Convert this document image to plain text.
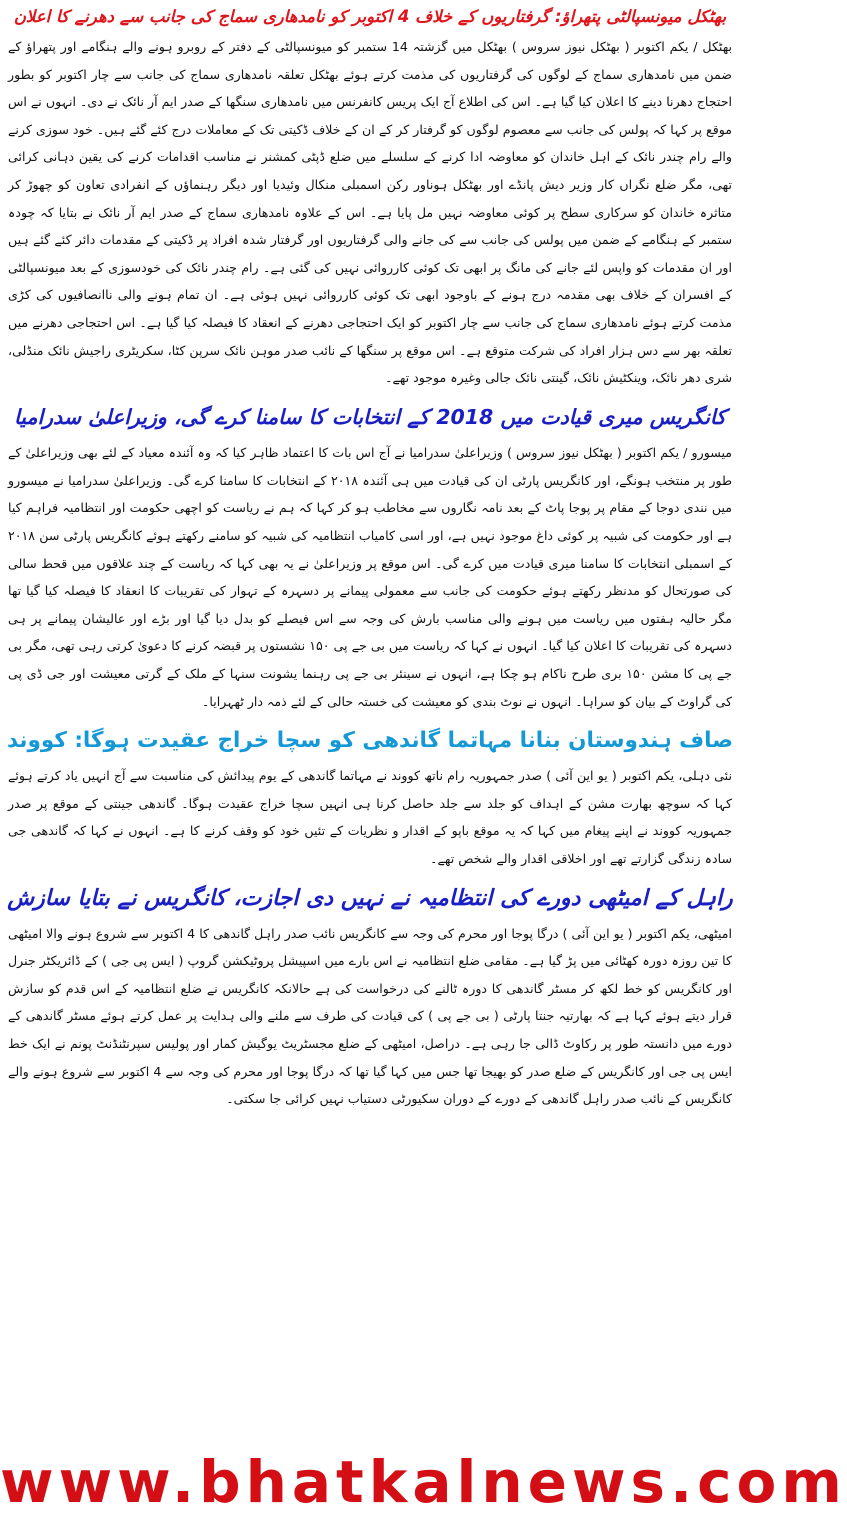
بھٹکل میونسپالٹی پتھراؤ: گرفتاریوں کے خلاف 4 اکتوبر کو نامدھاری سماج کی جانب سے دھرنے کا اعلان

بھٹکل / یکم اکتوبر ( بھٹکل نیوز سروس ) بھٹکل میں گزشتہ 14 ستمبر کو میونسپالٹی کے دفتر کے روبرو ہونے والے ہنگامے اور پتھراؤ کے ضمن میں نامدھاری سماج کے لوگوں کی گرفتاریوں کی مذمت کرتے ہوئے بھٹکل تعلقہ نامدھاری سماج کی جانب سے چار اکتوبر کو بطور احتجاج دھرنا دینے کا اعلان کیا گیا ہے۔ اس کی اطلاع آج ایک پریس کانفرنس میں نامدھاری سنگھا کے صدر ایم آر نائک نے دی۔ انہوں نے اس موقع پر کہا کہ پولس کی جانب سے معصوم لوگوں کو گرفتار کر کے ان کے خلاف ڈکیتی تک کے معاملات درج کئے گئے ہیں۔ خود سوزی کرنے والے رام چندر نائک کے اہل خاندان کو معاوضہ ادا کرنے کے سلسلے میں ضلع ڈپٹی کمشنر نے مناسب اقدامات کرنے کی یقین دہانی کرائی تھی، مگر ضلع نگراں کار وزیر دیش پانڈے اور بھٹکل ہوناور رکن اسمبلی منکال وئیدیا اور دیگر رہنماؤں کے انفرادی تعاون کو چھوڑ کر متاثرہ خاندان کو سرکاری سطح پر کوئی معاوضہ نہیں مل پایا ہے۔ اس کے علاوہ نامدھاری سماج کے صدر ایم آر نائک نے بتایا کہ چودہ ستمبر کے ہنگامے کے ضمن میں پولس کی جانب سے کی جانے والی گرفتاریوں اور گرفتار شدہ افراد پر ڈکیتی کے مقدمات دائر کئے گئے ہیں اور ان مقدمات کو واپس لئے جانے کی مانگ پر ابھی تک کوئی کارروائی نہیں کی گئی ہے۔ رام چندر نائک کی خودسوزی کے بعد میونسپالٹی کے افسران کے خلاف بھی مقدمہ درج ہونے کے باوجود ابھی تک کوئی کارروائی نہیں ہوئی ہے۔ ان تمام ہونے والی ناانصافیوں کی کڑی مذمت کرتے ہوئے نامدھاری سماج کی جانب سے چار اکتوبر کو ایک احتجاجی دھرنے کے انعقاد کا فیصلہ کیا گیا ہے۔ اس احتجاجی دھرنے میں تعلقہ بھر سے دس ہزار افراد کی شرکت متوقع ہے۔ اس موقع پر سنگھا کے نائب صدر موہن نائک سرپن کٹا، سکریٹری راجیش نائک منڈلی، شری دھر نائک، وینکٹیش نائک، گینتی نائک جالی وغیرہ موجود تھے۔

کانگریس میری قیادت میں 2018 کے انتخابات کا سامنا کرے گی، وزیراعلیٰ سدرامیا

میسورو / یکم اکتوبر ( بھٹکل نیوز سروس ) وزیراعلیٰ سدرامیا نے آج اس بات کا اعتماد ظاہر کیا کہ وہ آئندہ معیاد کے لئے بھی وزیراعلیٰ کے طور پر منتخب ہونگے، اور کانگریس پارٹی ان کی قیادت میں ہی آئندہ ۲۰۱۸ کے انتخابات کا سامنا کرے گی۔ وزیراعلیٰ سدرامیا نے میسورو میں نندی دوجا کے مقام پر پوجا پاٹ کے بعد نامہ نگاروں سے مخاطب ہو کر کہا کہ ہم نے ریاست کو اچھی حکومت اور انتظامیہ فراہم کیا ہے اور حکومت کی شبیہ پر کوئی داغ موجود نہیں ہے، اور اسی کامیاب انتظامیہ کی شبیہ کو سامنے رکھتے ہوئے کانگریس پارٹی سن ۲۰۱۸ کے اسمبلی انتخابات کا سامنا میری قیادت میں کرے گی۔ اس موقع پر وزیراعلیٰ نے یہ بھی کہا کہ ریاست کے چند علاقوں میں قحط سالی کی صورتحال کو مدنظر رکھتے ہوئے حکومت کی جانب سے معمولی پیمانے پر دسہرہ کے تہوار کی تقریبات کا انعقاد کا فیصلہ کیا گیا تھا مگر حالیہ ہفتوں میں ریاست میں ہونے والی مناسب بارش کی وجہ سے اس فیصلے کو بدل دیا گیا اور بڑے اور عالیشان پیمانے پر ہی دسہرہ کی تقریبات کا اعلان کیا گیا۔ انہوں نے کہا کہ ریاست میں بی جے پی ۱۵۰ نشستوں پر قبضہ کرنے کا دعویٰ کرتی رہی تھی، مگر بی جے پی کا مشن ۱۵۰ بری طرح ناکام ہو چکا ہے، انہوں نے سینئر بی جے پی رہنما یشونت سنہا کے ملک کے گرتی معیشت اور جی ڈی پی کی گراوٹ کے بیان کو سراہا۔ انہوں نے نوٹ بندی کو معیشت کی خستہ حالی کے لئے ذمہ دار ٹھہرایا۔

صاف ہندوستان بنانا مہاتما گاندھی کو سچا خراج عقیدت ہوگا: کووند

نئی دہلی، یکم اکتوبر ( یو این آئی ) صدر جمہوریہ رام ناتھ کووند نے مہاتما گاندھی کے یوم پیدائش کی مناسبت سے آج انہیں یاد کرتے ہوئے کہا کہ سوچھ بھارت مشن کے اہداف کو جلد سے جلد حاصل کرنا ہی انہیں سچا خراج عقیدت ہوگا۔ گاندھی جینتی کے موقع پر صدر جمہوریہ کووند نے اپنے پیغام میں کہا کہ یہ موقع باپو کے اقدار و نظریات کے تئیں خود کو وقف کرنے کا ہے۔ انہوں نے کہا کہ گاندھی جی سادہ زندگی گزارتے تھے اور اخلاقی اقدار والے شخص تھے۔

راہل کے امیٹھی دورے کی انتظامیہ نے نہیں دی اجازت، کانگریس نے بتایا سازش

امیٹھی، یکم اکتوبر ( یو این آئی ) درگا پوجا اور محرم کی وجہ سے کانگریس نائب صدر راہل گاندھی کا 4 اکتوبر سے شروع ہونے والا امیٹھی کا تین روزہ دورہ کھٹائی میں پڑ گیا ہے۔ مقامی ضلع انتظامیہ نے اس بارے میں اسپیشل پروٹیکشن گروپ ( ایس پی جی ) کے ڈائریکٹر جنرل اور کانگریس کو خط لکھ کر مسٹر گاندھی کا دورہ ٹالنے کی درخواست کی ہے حالانکہ کانگریس نے ضلع انتظامیہ کے اس قدم کو سازش قرار دیتے ہوئے کہا ہے کہ بھارتیہ جنتا پارٹی ( بی جے پی ) کی قیادت کی طرف سے ملنے والی ہدایت پر عمل کرتے ہوئے مسٹر گاندھی کے دورے میں دانستہ طور پر رکاوٹ ڈالی جا رہی ہے۔ دراصل، امیٹھی کے ضلع مجسٹریٹ یوگیش کمار اور پولیس سپرنٹنڈنٹ پونم نے ایک خط ایس پی جی اور کانگریس کے ضلع صدر کو بھیجا تھا جس میں کہا گیا تھا کہ درگا پوجا اور محرم کی وجہ سے 4 اکتوبر سے شروع ہونے والے کانگریس کے نائب صدر راہل گاندھی کے دورے کے دوران سکیورٹی دستیاب نہیں کرائی جا سکتی۔

www.bhatkalnews.com
